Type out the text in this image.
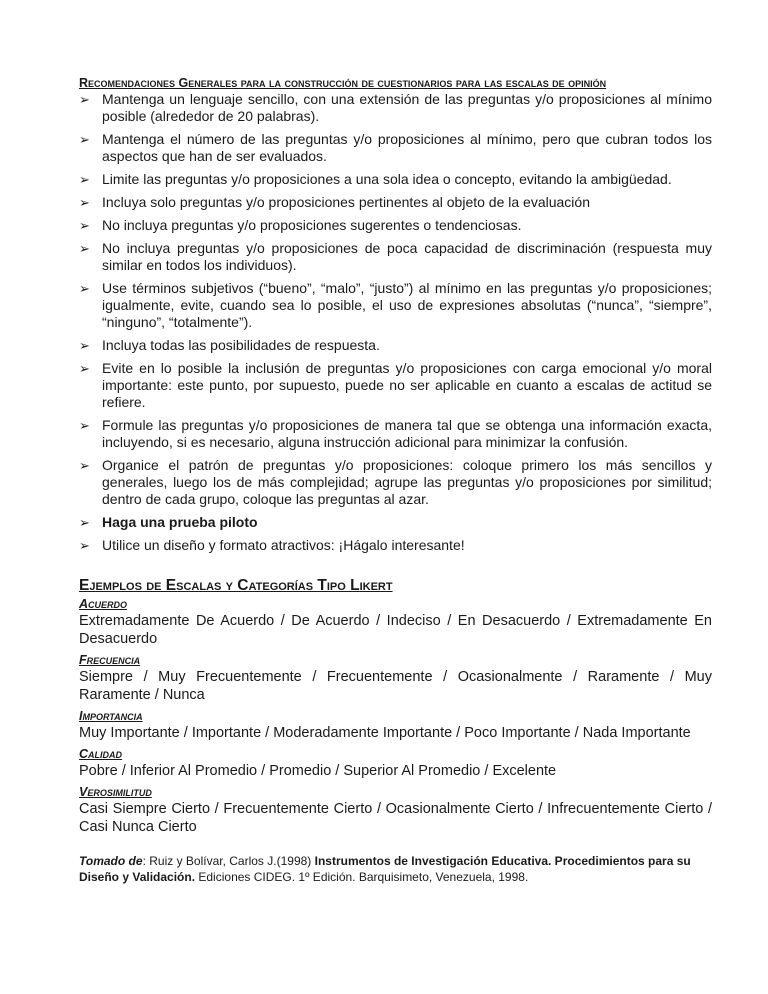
Recomendaciones Generales para la construcción de cuestionarios para las escalas de opinión
➢ Mantenga un lenguaje sencillo, con una extensión de las preguntas y/o proposiciones al mínimo posible (alrededor de 20 palabras).
➢ Mantenga el número de las preguntas y/o proposiciones al mínimo, pero que cubran todos los aspectos que han de ser evaluados.
➢ Limite las preguntas y/o proposiciones a una sola idea o concepto, evitando la ambigüedad.
➢ Incluya solo preguntas y/o proposiciones pertinentes al objeto de la evaluación
➢ No incluya preguntas y/o proposiciones sugerentes o tendenciosas.
➢ No incluya preguntas y/o proposiciones de poca capacidad de discriminación (respuesta muy similar en todos los individuos).
➢ Use términos subjetivos (“bueno”, “malo”, “justo”) al mínimo en las preguntas y/o proposiciones; igualmente, evite, cuando sea lo posible, el uso de expresiones absolutas (“nunca”, “siempre”, “ninguno”, “totalmente”).
➢ Incluya todas las posibilidades de respuesta.
➢ Evite en lo posible la inclusión de preguntas y/o proposiciones con carga emocional y/o moral importante: este punto, por supuesto, puede no ser aplicable en cuanto a escalas de actitud se refiere.
➢ Formule las preguntas y/o proposiciones de manera tal que se obtenga una información exacta, incluyendo, si es necesario, alguna instrucción adicional para minimizar la confusión.
➢ Organice el patrón de preguntas y/o proposiciones: coloque primero los más sencillos y generales, luego los de más complejidad; agrupe las preguntas y/o proposiciones por similitud; dentro de cada grupo, coloque las preguntas al azar.
➢ Haga una prueba piloto
➢ Utilice un diseño y formato atractivos: ¡Hágalo interesante!
Ejemplos de Escalas y Categorías Tipo Likert
Acuerdo
Extremadamente De Acuerdo / De Acuerdo / Indeciso / En Desacuerdo / Extremadamente En Desacuerdo
Frecuencia
Siempre / Muy Frecuentemente / Frecuentemente / Ocasionalmente / Raramente / Muy Raramente / Nunca
Importancia
Muy Importante / Importante / Moderadamente Importante / Poco Importante / Nada Importante
Calidad
Pobre / Inferior Al Promedio / Promedio / Superior Al Promedio / Excelente
Verosimilitud
Casi Siempre Cierto / Frecuentemente Cierto / Ocasionalmente Cierto / Infrecuentemente Cierto / Casi Nunca Cierto
Tomado de: Ruiz y Bolívar, Carlos J.(1998) Instrumentos de Investigación Educativa. Procedimientos para su Diseño y Validación. Ediciones CIDEG. 1º Edición. Barquisimeto, Venezuela, 1998.
